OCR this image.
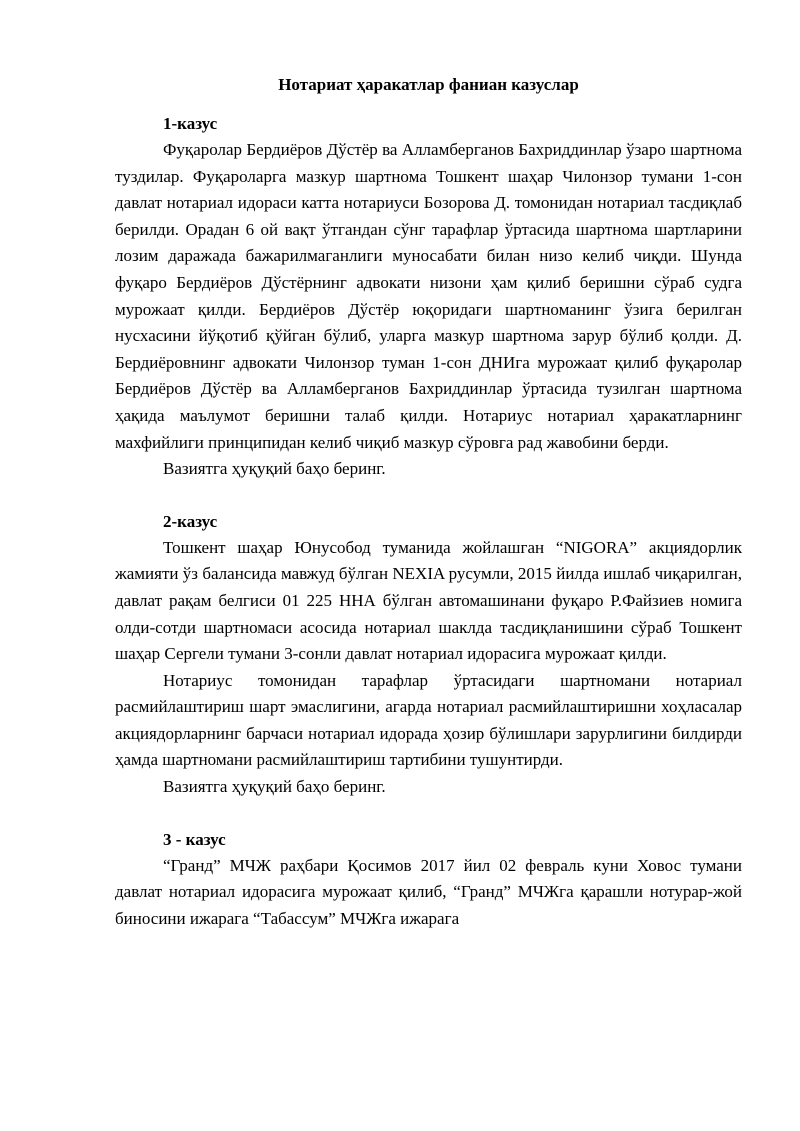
Нотариат ҳаракатлар фаниан казуслар

1-казус

Фуқаролар Бердиёров Дўстёр ва Алламберганов Бахриддинлар ўзаро шартнома туздилар. Фуқароларга мазкур шартнома Тошкент шаҳар Чилонзор тумани 1-сон давлат нотариал идораси катта нотариуси Бозорова Д. томонидан нотариал тасдиқлаб берилди. Орадан 6 ой вақт ўтгандан сўнг тарафлар ўртасида шартнома шартларини лозим даражада бажарилмаганлиги муносабати билан низо келиб чиқди. Шунда фуқаро Бердиёров Дўстёрнинг адвокати низони ҳам қилиб беришни сўраб судга мурожаат қилди. Бердиёров Дўстёр юқоридаги шартноманинг ўзига берилган нусхасини йўқотиб қўйган бўлиб, уларга мазкур шартнома зарур бўлиб қолди. Д. Бердиёровнинг адвокати Чилонзор туман 1-сон ДНИга мурожаат қилиб фуқаролар Бердиёров Дўстёр ва Алламберганов Бахриддинлар ўртасида тузилган шартнома ҳақида маълумот беришни талаб қилди. Нотариус нотариал ҳаракатларнинг махфийлиги принципидан келиб чиқиб мазкур сўровга рад жавобини берди.

Вазиятга ҳуқуқий баҳо беринг.

2-казус

Тошкент шаҳар Юнусобод туманида жойлашган “NIGORA” акциядорлик жамияти ўз балансида мавжуд бўлган NEXIA русумли, 2015 йилда ишлаб чиқарилган, давлат рақам белгиси 01 225 ННА бўлган автомашинани фуқаро Р.Файзиев номига олди-сотди шартномаси асосида нотариал шаклда тасдиқланишини сўраб Тошкент шаҳар Сергели тумани 3-сонли давлат нотариал идорасига мурожаат қилди.

Нотариус томонидан тарафлар ўртасидаги шартномани нотариал расмийлаштириш шарт эмаслигини, агарда нотариал расмийлаштиришни хоҳласалар акциядорларнинг барчаси нотариал идорада ҳозир бўлишлари зарурлигини билдирди ҳамда шартномани расмийлаштириш тартибини тушунтирди.

Вазиятга ҳуқуқий баҳо беринг.

3 - казус

“Гранд” МЧЖ раҳбари Қосимов 2017 йил 02 февраль куни Ховос тумани давлат нотариал идорасига мурожаат қилиб, “Гранд” МЧЖга қарашли нотурар-жой биносини ижарага “Табассум” МЧЖга ижарага
